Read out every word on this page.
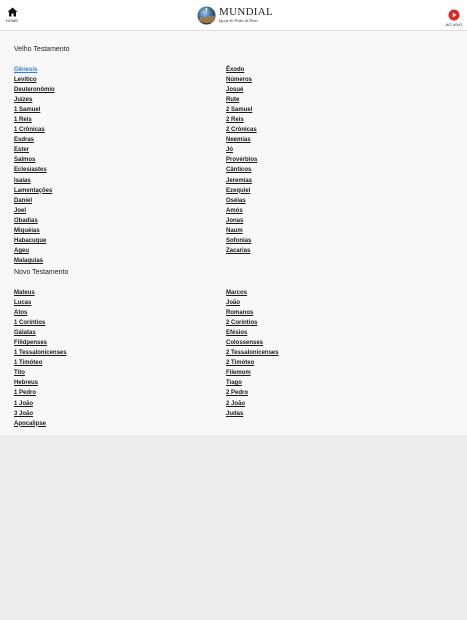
HOME
MUNDIAL
Igreja do Poder de Deus
AO VIVO
Velho Testamento
Gênesis
Levítico
Deuteronômio
Juízes
1 Samuel
1 Reis
1 Crônicas
Esdras
Ester
Salmos
Eclesiastes
Isaías
Lamentações
Daniel
Joel
Obadias
Miquéias
Habacuque
Ageu
Malaquias
Êxodo
Números
Josué
Rute
2 Samuel
2 Reis
2 Crônicas
Neemias
Jó
Provérbios
Cânticos
Jeremias
Ezequiel
Oséias
Amós
Jonas
Naum
Sofonias
Zacarias
Novo Testamento
Mateus
Lucas
Atos
1 Coríntios
Gálatas
Filidpenses
1 Tessalonicenses
1 Timóteo
Tito
Hebreus
1 Pedro
1 João
3 João
Apocalipse
Marcos
João
Romanos
2 Coríntios
Efésios
Colossenses
2 Tessalonicenses
2 Timóteo
Filemom
Tiago
2 Pedro
2 João
Judas
